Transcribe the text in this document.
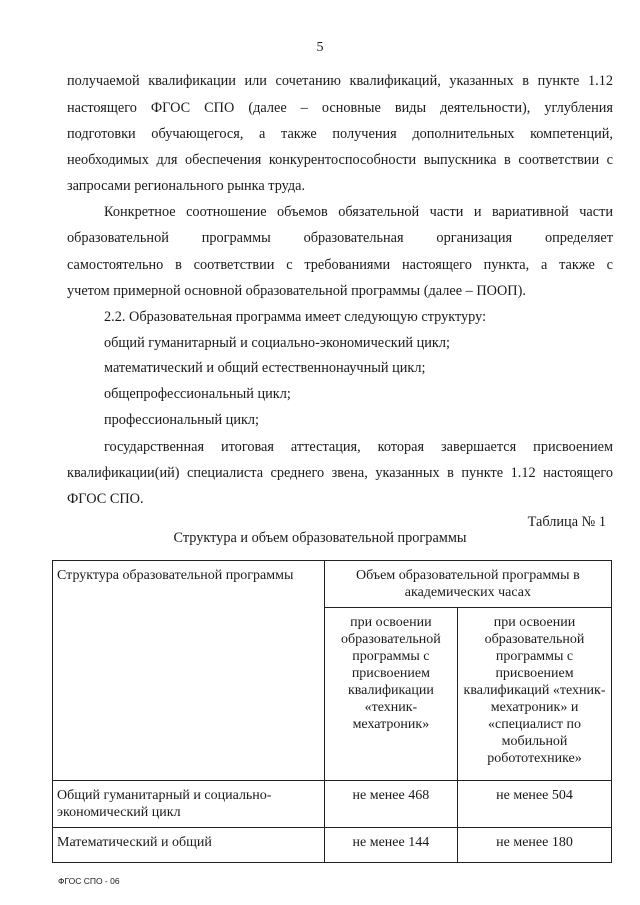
5
получаемой квалификации или сочетанию квалификаций, указанных в пункте 1.12
настоящего ФГОС СПО (далее – основные виды деятельности), углубления
подготовки обучающегося, а также получения дополнительных компетенций,
необходимых для обеспечения конкурентоспособности выпускника в соответствии с
запросами регионального рынка труда.
Конкретное соотношение объемов обязательной части и вариативной части
образовательной программы образовательная организация определяет
самостоятельно в соответствии с требованиями настоящего пункта, а также с
учетом примерной основной образовательной программы (далее – ПООП).
2.2. Образовательная программа имеет следующую структуру:
общий гуманитарный и социально-экономический цикл;
математический и общий естественнонаучный цикл;
общепрофессиональный цикл;
профессиональный цикл;
государственная итоговая аттестация, которая завершается присвоением
квалификации(ий) специалиста среднего звена, указанных в пункте 1.12 настоящего
ФГОС СПО.
Таблица № 1
Структура и объем образовательной программы
Структура образовательной программы	Объем образовательной программы в академических часах	
	при освоении образовательной программы с присвоением квалификации «техник-мехатроник»	при освоении образовательной программы с присвоением квалификаций «техник-мехатроник» и «специалист по мобильной робототехнике»
Общий гуманитарный и социально-экономический цикл	не менее 468	не менее 504
Математический и общий	не менее 144	не менее 180
ФГОС СПО - 06
